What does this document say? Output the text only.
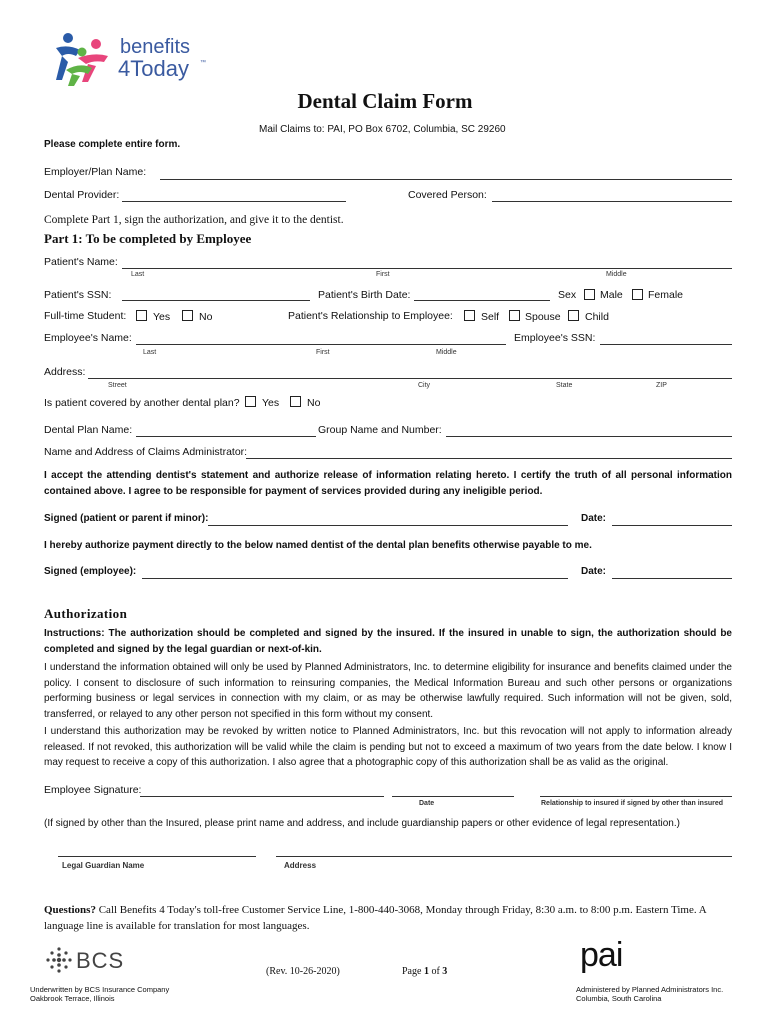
benefits
4Today ™
Dental Claim Form
Mail Claims to: PAI, PO Box 6702, Columbia, SC 29260
Please complete entire form.
Employer/Plan Name:
Dental Provider:	Covered Person:
Complete Part 1, sign the authorization, and give it to the dentist.
Part 1: To be completed by Employee
Patient's Name:
Last	First	Middle
Patient's SSN:	Patient's Birth Date:	Sex Male Female
Full-time Student:	Yes	No	Patient's Relationship to Employee:	Self Spouse Child
Employee's Name:
Last	First	Middle
Employee's SSN:
Address:
Street	City	State	ZIP
Is patient covered by another dental plan? Yes	No
Dental Plan Name:	Group Name and Number:
Name and Address of Claims Administrator:
I accept the attending dentist's statement and authorize release of information relating hereto. I certify the truth of all personal information contained above. I agree to be responsible for payment of services provided during any ineligible period.
Signed (patient or parent if minor):	Date:
I hereby authorize payment directly to the below named dentist of the dental plan benefits otherwise payable to me.
Signed (employee):	Date:
Authorization
Instructions: The authorization should be completed and signed by the insured. If the insured in unable to sign, the authorization should be completed and signed by the legal guardian or next-of-kin.
I understand the information obtained will only be used by Planned Administrators, Inc. to determine eligibility for insurance and benefits claimed under the policy. I consent to disclosure of such information to reinsuring companies, the Medical Information Bureau and such other persons or organizations performing business or legal services in connection with my claim, or as may be otherwise lawfully required. Such information will not be given, sold, transferred, or relayed to any other person not specified in this form without my consent.
I understand this authorization may be revoked by written notice to Planned Administrators, Inc. but this revocation will not apply to information already released. If not revoked, this authorization will be valid while the claim is pending but not to exceed a maximum of two years from the date below. I know I may request to receive a copy of this authorization. I also agree that a photographic copy of this authorization shall be as valid as the original.
Employee Signature:
Date	Relationship to insured if signed by other than insured
(If signed by other than the Insured, please print name and address, and include guardianship papers or other evidence of legal representation.)
Legal Guardian Name	Address
Questions? Call Benefits 4 Today's toll-free Customer Service Line, 1-800-440-3068, Monday through Friday, 8:30 a.m. to 8:00 p.m. Eastern Time. A language line is available for translation for most languages.
BCS	(Rev. 10-26-2020)	Page 1 of 3	pai
Underwritten by BCS Insurance Company
Oakbrook Terrace, Illinois
Administered by Planned Administrators Inc.
Columbia, South Carolina
